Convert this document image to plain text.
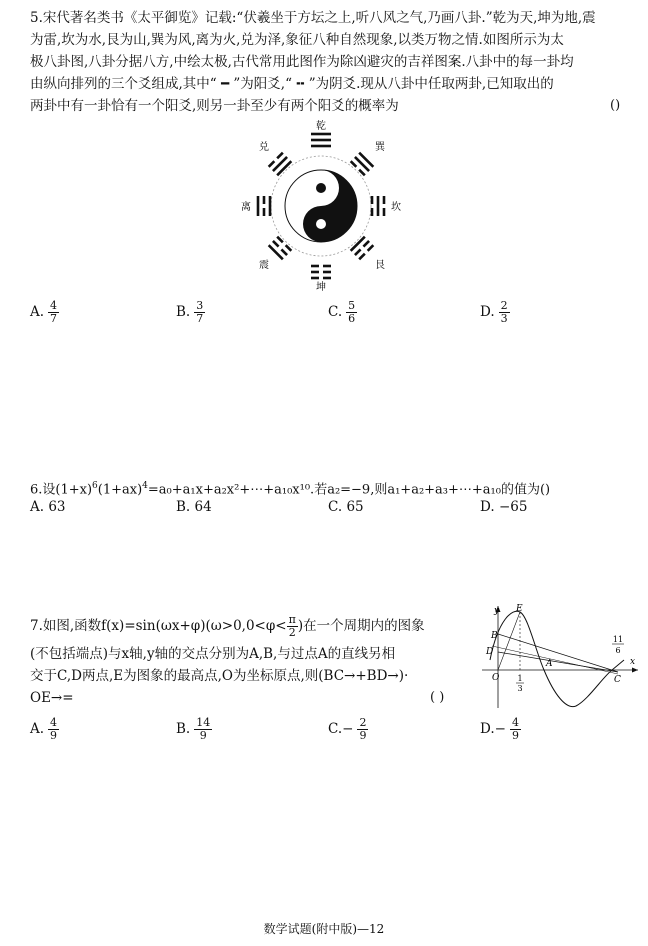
5.宋代著名类书《太平御览》记载:“伏羲坐于方坛之上,听八风之气,乃画八卦.”乾为天,坤为地,震
为雷,坎为水,艮为山,巽为风,离为火,兑为泽,象征八种自然现象,以类万物之情.如图所示为太
极八卦图,八卦分据八方,中绘太极,古代常用此图作为除凶避灾的吉祥图案.八卦中的每一卦均
由纵向排列的三个爻组成,其中“ ━ ”为阳爻,“ ╍ ”为阴爻.现从八卦中任取两卦,已知取出的
两卦中有一卦恰有一个阳爻,则另一卦至少有两个阳爻的概率为	()
乾
坤
离	坎
兑	巽
震	艮
A. $\frac{4}{7}$	B. $\frac{3}{7}$	C. $\frac{5}{6}$	D. $\frac{2}{3}$
6.设$(1+x)^6(1+ax)^4=a_0+a_1x+a_2x^2+\cdots+a_{10}x^{10}$.若a₂=−9,则a₁+a₂+a₃+⋯+a₁₀的值为()
A. 63	B. 64	C. 65	D. −65
7.如图,函数$f(x)=\sin(\omega x+\varphi)(\omega>0,0<\varphi< \frac{\pi}{2}$ )在一个周期内的图象
(不包括端点)与x轴,y轴的交点分别为A,B,与过点A的直线另相
交于C,D两点,E为图象的最高点,O为坐标原点,则(BC→+BD→)·
OE→=	( )
y
x
E
B
D
O
A
C
1
3
11
6
A. $\frac{4}{9}$	B. $\frac{14}{9}$	$C.- \frac{2}{9}$	$D.- \frac{4}{9}$
数学试题(附中版)—12
